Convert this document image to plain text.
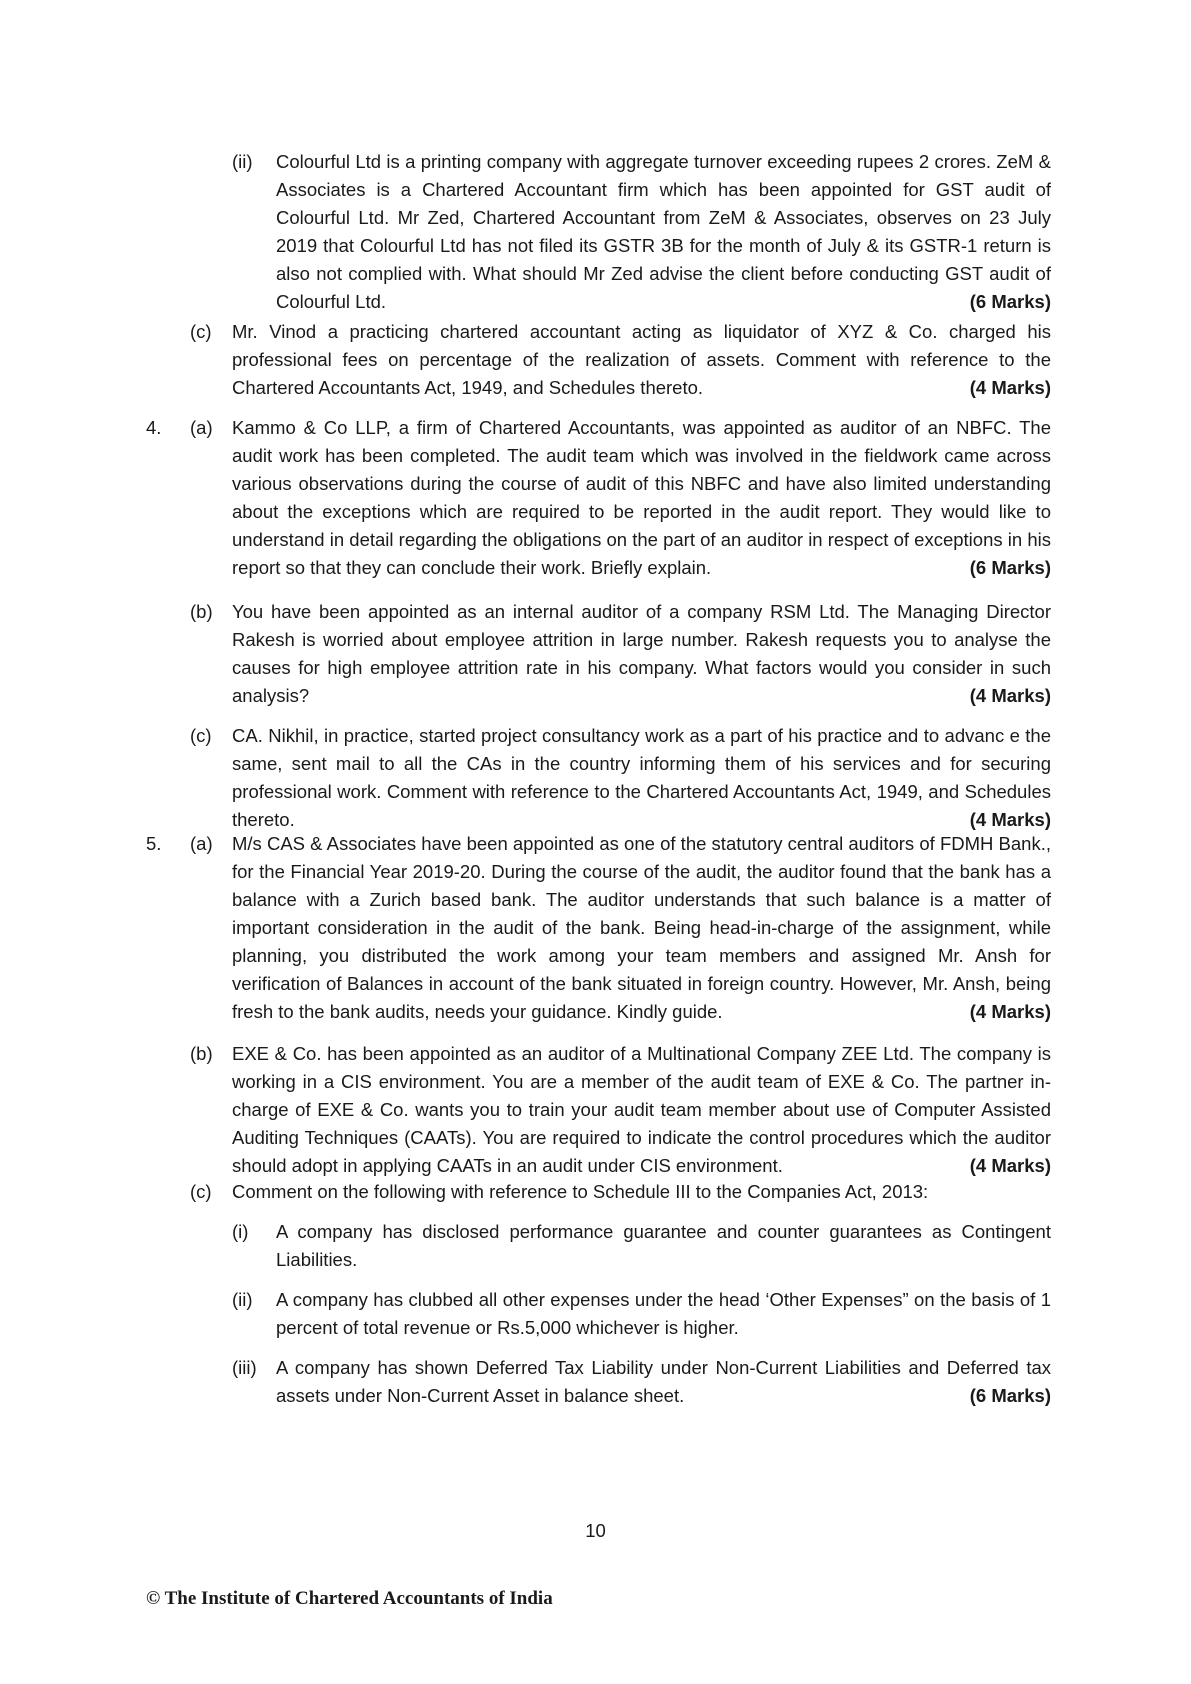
(ii) Colourful Ltd is a printing company with aggregate turnover exceeding rupees 2 crores. ZeM & Associates is a Chartered Accountant firm which has been appointed for GST audit of Colourful Ltd. Mr Zed, Chartered Accountant from ZeM & Associates, observes on 23 July 2019 that Colourful Ltd has not filed its GSTR 3B for the month of July & its GSTR-1 return is also not complied with. What should Mr Zed advise the client before conducting GST audit of Colourful Ltd.	(6 Marks)
(c) Mr. Vinod a practicing chartered accountant acting as liquidator of XYZ & Co. charged his professional fees on percentage of the realization of assets. Comment with reference to the Chartered Accountants Act, 1949, and Schedules thereto.	(4 Marks)
4. (a) Kammo & Co LLP, a firm of Chartered Accountants, was appointed as auditor of an NBFC. The audit work has been completed. The audit team which was involved in the fieldwork came across various observations during the course of audit of this NBFC and have also limited understanding about the exceptions which are required to be reported in the audit report. They would like to understand in detail regarding the obligations on the part of an auditor in respect of exceptions in his report so that they can conclude their work. Briefly explain.	(6 Marks)
(b) You have been appointed as an internal auditor of a company RSM Ltd. The Managing Director Rakesh is worried about employee attrition in large number. Rakesh requests you to analyse the causes for high employee attrition rate in his company. What factors would you consider in such analysis?	(4 Marks)
(c) CA. Nikhil, in practice, started project consultancy work as a part of his practice and to advanc e the same, sent mail to all the CAs in the country informing them of his services and for securing professional work. Comment with reference to the Chartered Accountants Act, 1949, and Schedules thereto.	(4 Marks)
5. (a) M/s CAS & Associates have been appointed as one of the statutory central auditors of FDMH Bank., for the Financial Year 2019-20. During the course of the audit, the auditor found that the bank has a balance with a Zurich based bank. The auditor understands that such balance is a matter of important consideration in the audit of the bank. Being head-in-charge of the assignment, while planning, you distributed the work among your team members and assigned Mr. Ansh for verification of Balances in account of the bank situated in foreign country. However, Mr. Ansh, being fresh to the bank audits, needs your guidance. Kindly guide.	(4 Marks)
(b) EXE & Co. has been appointed as an auditor of a Multinational Company ZEE Ltd. The company is working in a CIS environment. You are a member of the audit team of EXE & Co. The partner in-charge of EXE & Co. wants you to train your audit team member about use of Computer Assisted Auditing Techniques (CAATs). You are required to indicate the control procedures which the auditor should adopt in applying CAATs in an audit under CIS environment.	(4 Marks)
(c) Comment on the following with reference to Schedule III to the Companies Act, 2013:
(i) A company has disclosed performance guarantee and counter guarantees as Contingent Liabilities.
(ii) A company has clubbed all other expenses under the head ‘Other Expenses” on the basis of 1 percent of total revenue or Rs.5,000 whichever is higher.
(iii) A company has shown Deferred Tax Liability under Non-Current Liabilities and Deferred tax assets under Non-Current Asset in balance sheet.	(6 Marks)
10
© The Institute of Chartered Accountants of India
